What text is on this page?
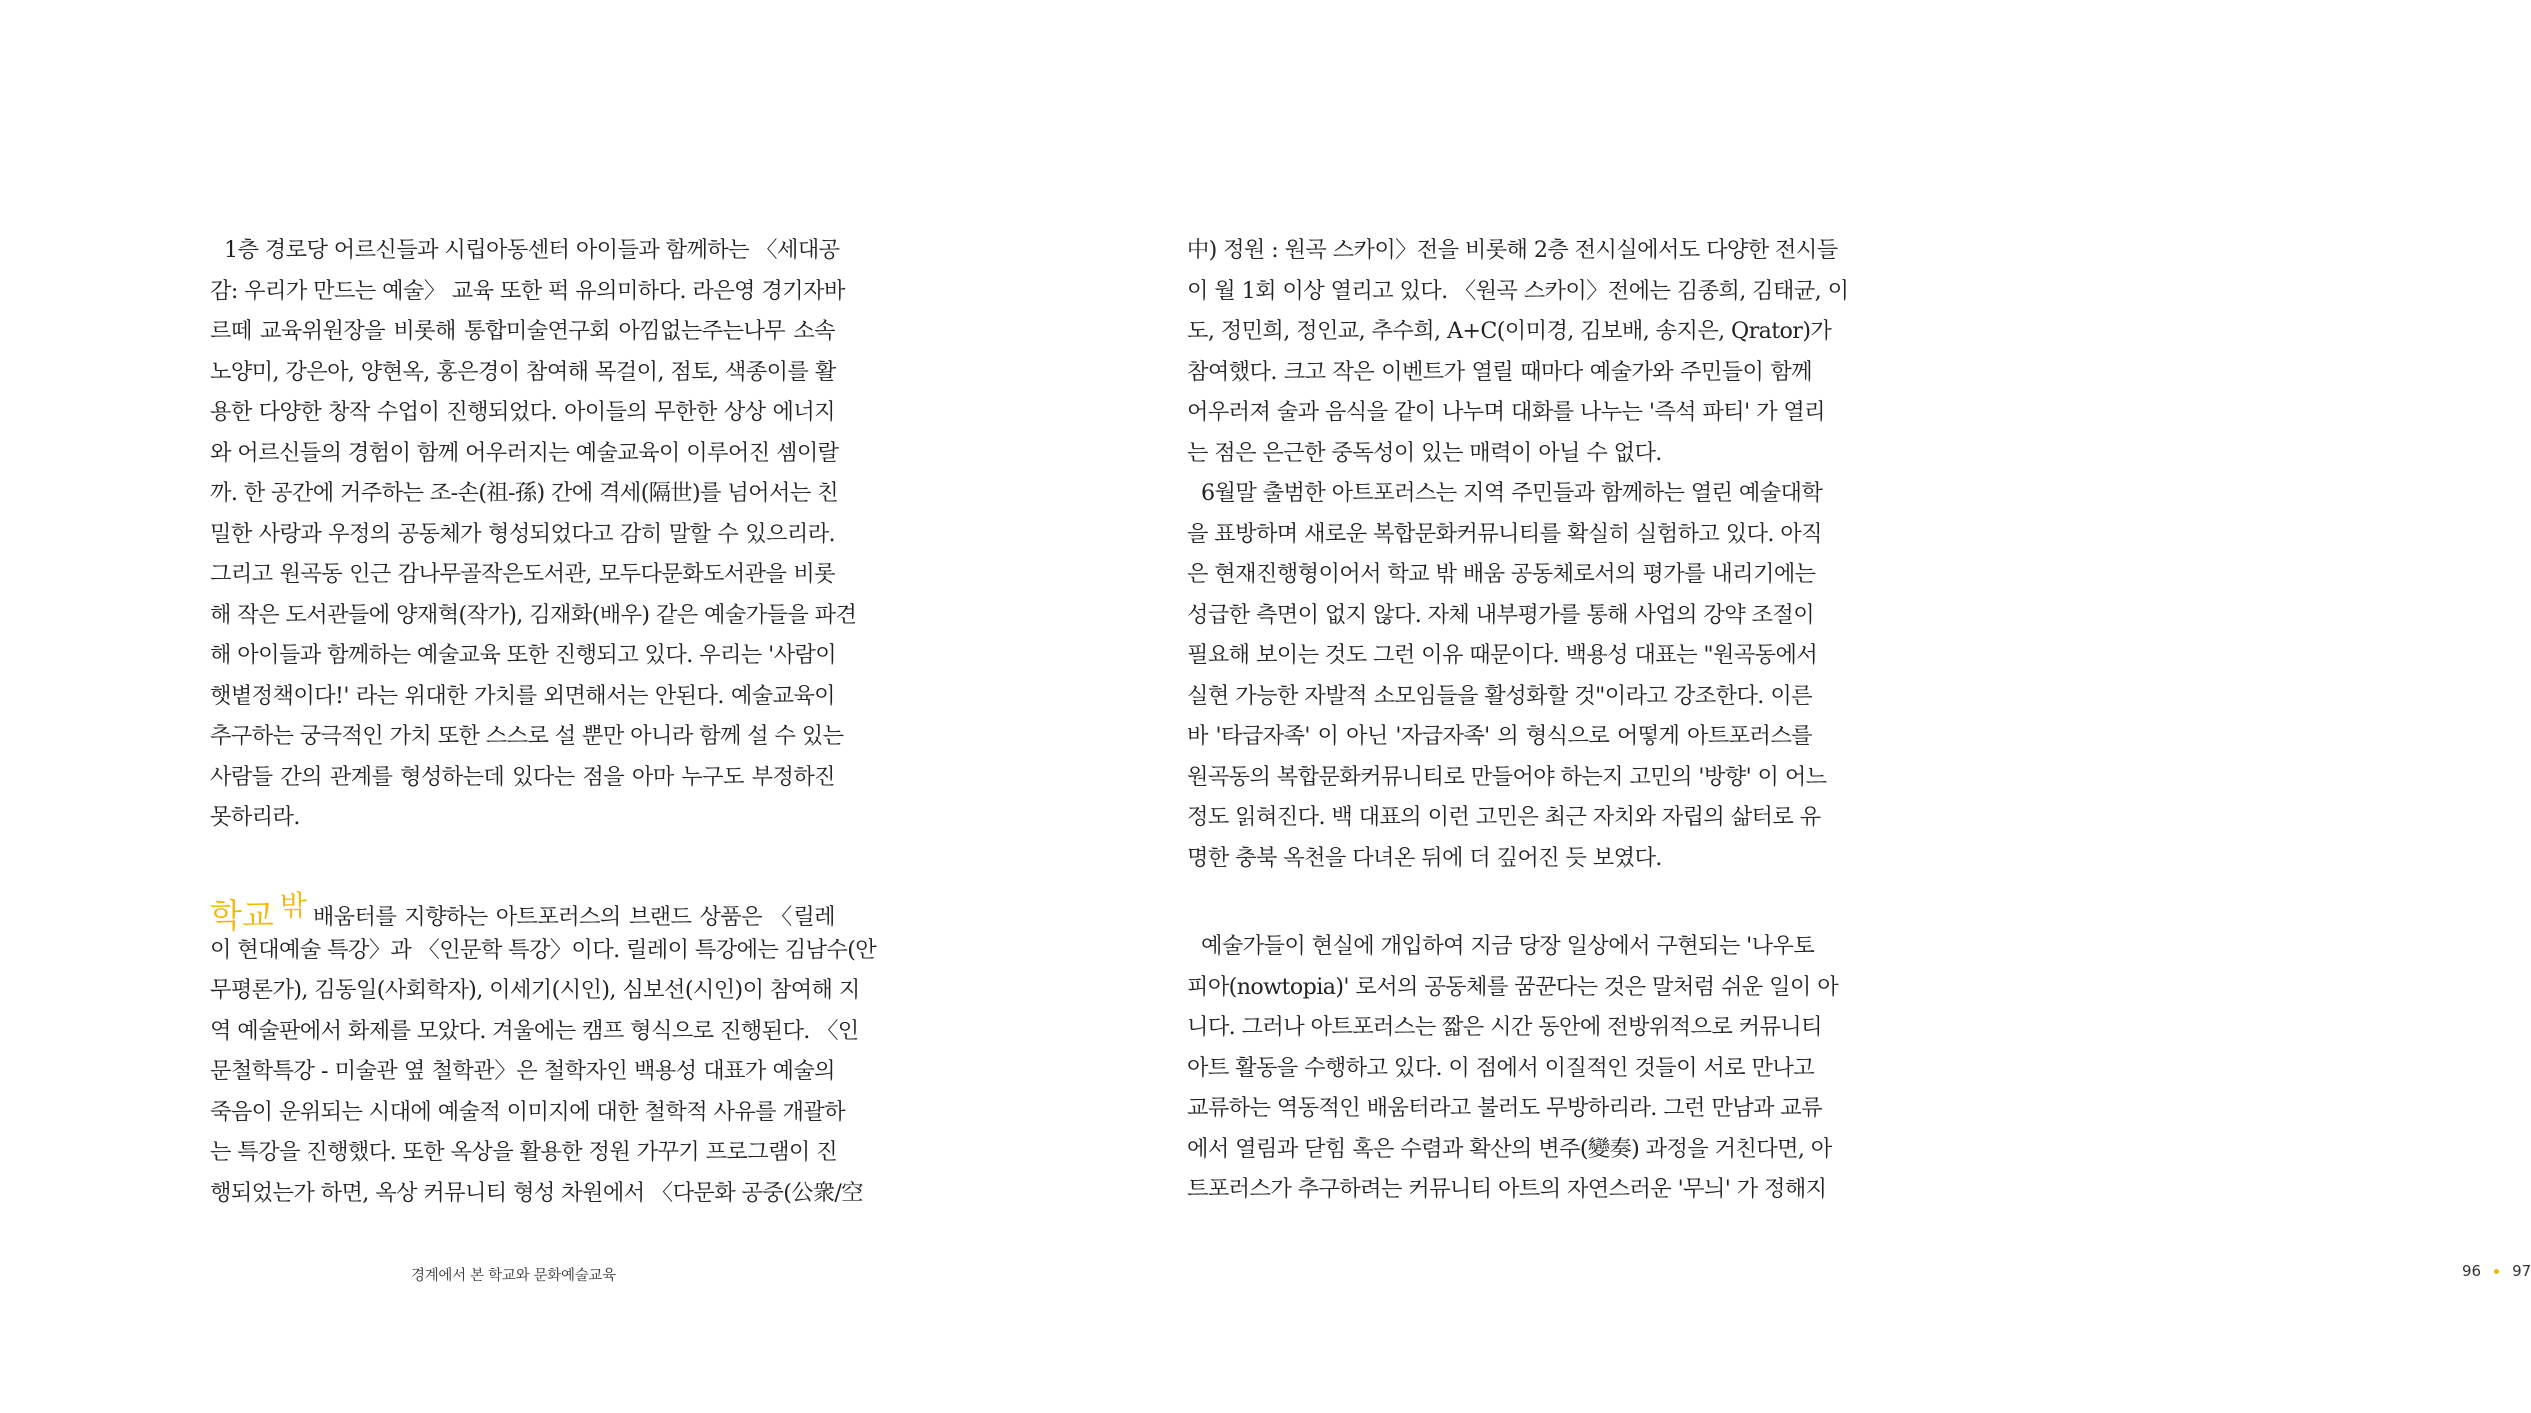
1층 경로당 어르신들과 시립아동센터 아이들과 함께하는 〈세대공
감: 우리가 만드는 예술〉 교육 또한 퍽 유의미하다. 라은영 경기자바
르떼 교육위원장을 비롯해 통합미술연구회 아낌없는주는나무 소속
노양미, 강은아, 양현옥, 홍은경이 참여해 목걸이, 점토, 색종이를 활
용한 다양한 창작 수업이 진행되었다. 아이들의 무한한 상상 에너지
와 어르신들의 경험이 함께 어우러지는 예술교육이 이루어진 셈이랄
까. 한 공간에 거주하는 조-손(祖-孫) 간에 격세(隔世)를 넘어서는 친
밀한 사랑과 우정의 공동체가 형성되었다고 감히 말할 수 있으리라.
그리고 원곡동 인근 감나무골작은도서관, 모두다문화도서관을 비롯
해 작은 도서관들에 양재혁(작가), 김재화(배우) 같은 예술가들을 파견
해 아이들과 함께하는 예술교육 또한 진행되고 있다. 우리는 '사람이
햇볕정책이다!' 라는 위대한 가치를 외면해서는 안된다. 예술교육이
추구하는 궁극적인 가치 또한 스스로 설 뿐만 아니라 함께 설 수 있는
사람들 간의 관계를 형성하는데 있다는 점을 아마 누구도 부정하진
못하리라.
학교 밖 배움터를 지향하는 아트포러스의 브랜드 상품은 〈릴레
이 현대예술 특강〉과 〈인문학 특강〉이다. 릴레이 특강에는 김남수(안
무평론가), 김동일(사회학자), 이세기(시인), 심보선(시인)이 참여해 지
역 예술판에서 화제를 모았다. 겨울에는 캠프 형식으로 진행된다. 〈인
문철학특강 - 미술관 옆 철학관〉은 철학자인 백용성 대표가 예술의
죽음이 운위되는 시대에 예술적 이미지에 대한 철학적 사유를 개괄하
는 특강을 진행했다. 또한 옥상을 활용한 정원 가꾸기 프로그램이 진
행되었는가 하면, 옥상 커뮤니티 형성 차원에서 〈다문화 공중(公衆/空
경계에서 본 학교와 문화예술교육
中) 정원 : 원곡 스카이〉전을 비롯해 2층 전시실에서도 다양한 전시들
이 월 1회 이상 열리고 있다. 〈원곡 스카이〉전에는 김종희, 김태균, 이
도, 정민희, 정인교, 추수희, A+C(이미경, 김보배, 송지은, Qrator)가
참여했다. 크고 작은 이벤트가 열릴 때마다 예술가와 주민들이 함께
어우러져 술과 음식을 같이 나누며 대화를 나누는 '즉석 파티' 가 열리
는 점은 은근한 중독성이 있는 매력이 아닐 수 없다.
6월말 출범한 아트포러스는 지역 주민들과 함께하는 열린 예술대학
을 표방하며 새로운 복합문화커뮤니티를 확실히 실험하고 있다. 아직
은 현재진행형이어서 학교 밖 배움 공동체로서의 평가를 내리기에는
성급한 측면이 없지 않다. 자체 내부평가를 통해 사업의 강약 조절이
필요해 보이는 것도 그런 이유 때문이다. 백용성 대표는 "원곡동에서
실현 가능한 자발적 소모임들을 활성화할 것"이라고 강조한다. 이른
바 '타급자족' 이 아닌 '자급자족' 의 형식으로 어떻게 아트포러스를
원곡동의 복합문화커뮤니티로 만들어야 하는지 고민의 '방향' 이 어느
정도 읽혀진다. 백 대표의 이런 고민은 최근 자치와 자립의 삶터로 유
명한 충북 옥천을 다녀온 뒤에 더 깊어진 듯 보였다.
예술가들이 현실에 개입하여 지금 당장 일상에서 구현되는 '나우토
피아(nowtopia)' 로서의 공동체를 꿈꾼다는 것은 말처럼 쉬운 일이 아
니다. 그러나 아트포러스는 짧은 시간 동안에 전방위적으로 커뮤니티
아트 활동을 수행하고 있다. 이 점에서 이질적인 것들이 서로 만나고
교류하는 역동적인 배움터라고 불러도 무방하리라. 그런 만남과 교류
에서 열림과 닫힘 혹은 수렴과 확산의 변주(變奏) 과정을 거친다면, 아
트포러스가 추구하려는 커뮤니티 아트의 자연스러운 '무늬' 가 정해지
96 97
